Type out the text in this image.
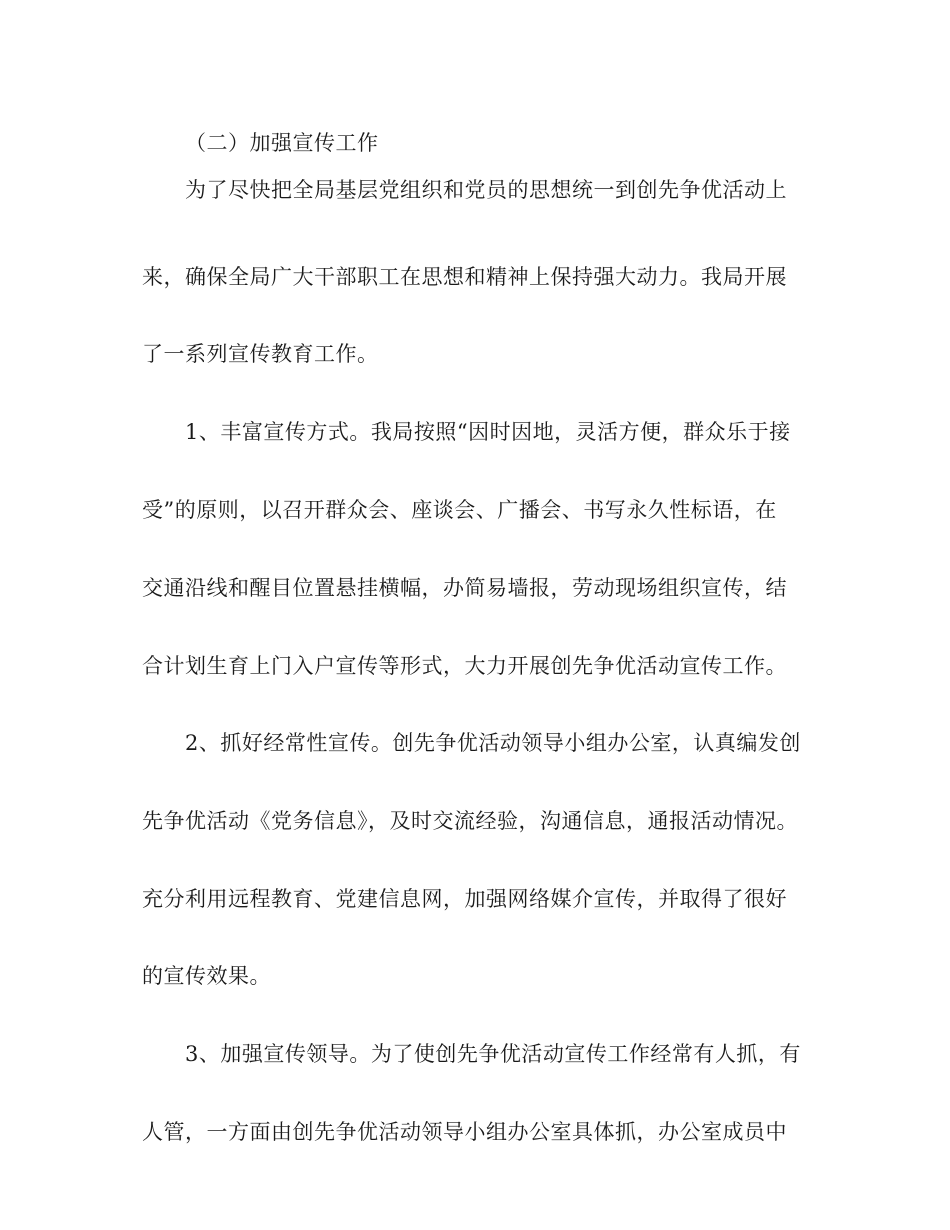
（二）加强宣传工作
为了尽快把全局基层党组织和党员的思想统一到创先争优活动上
来，确保全局广大干部职工在思想和精神上保持强大动力。我局开展
了一系列宣传教育工作。
1、丰富宣传方式。我局按照“因时因地，灵活方便，群众乐于接
受”的原则，以召开群众会、座谈会、广播会、书写永久性标语，在
交通沿线和醒目位置悬挂横幅，办简易墙报，劳动现场组织宣传，结
合计划生育上门入户宣传等形式，大力开展创先争优活动宣传工作。
2、抓好经常性宣传。创先争优活动领导小组办公室，认真编发创
先争优活动《党务信息》，及时交流经验，沟通信息，通报活动情况。
充分利用远程教育、党建信息网，加强网络媒介宣传，并取得了很好
的宣传效果。
3、加强宣传领导。为了使创先争优活动宣传工作经常有人抓，有
人管，一方面由创先争优活动领导小组办公室具体抓，办公室成员中
